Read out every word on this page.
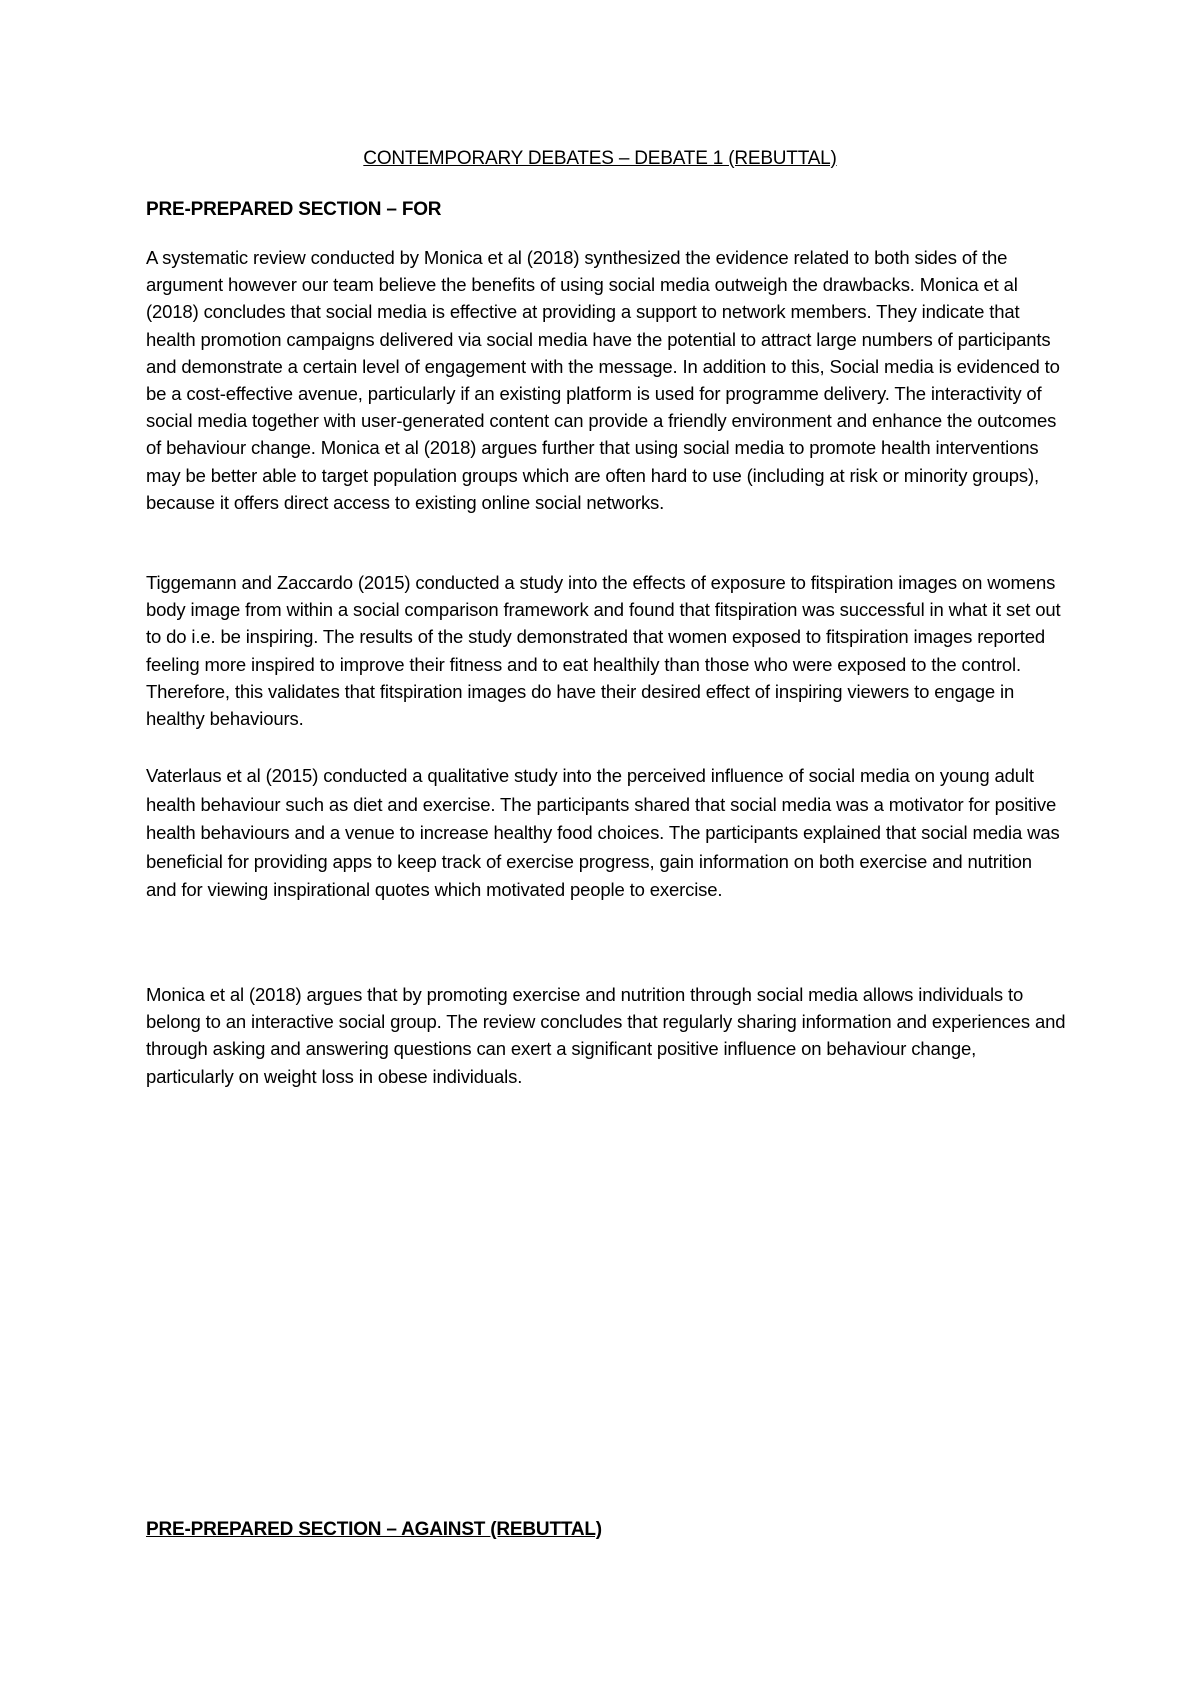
CONTEMPORARY DEBATES – DEBATE 1 (REBUTTAL)
PRE-PREPARED SECTION – FOR

A systematic review conducted by Monica et al (2018) synthesized the evidence related to both sides of the argument however our team believe the benefits of using social media outweigh the drawbacks. Monica et al (2018) concludes that social media is effective at providing a support to network members. They indicate that health promotion campaigns delivered via social media have the potential to attract large numbers of participants and demonstrate a certain level of engagement with the message. In addition to this, Social media is evidenced to be a cost-effective avenue, particularly if an existing platform is used for programme delivery. The interactivity of social media together with user-generated content can provide a friendly environment and enhance the outcomes of behaviour change. Monica et al (2018) argues further that using social media to promote health interventions may be better able to target population groups which are often hard to use (including at risk or minority groups), because it offers direct access to existing online social networks.

Tiggemann and Zaccardo (2015) conducted a study into the effects of exposure to fitspiration images on womens body image from within a social comparison framework and found that fitspiration was successful in what it set out to do i.e. be inspiring. The results of the study demonstrated that women exposed to fitspiration images reported feeling more inspired to improve their fitness and to eat healthily than those who were exposed to the control. Therefore, this validates that fitspiration images do have their desired effect of inspiring viewers to engage in healthy behaviours.

Vaterlaus et al (2015) conducted a qualitative study into the perceived influence of social media on young adult health behaviour such as diet and exercise. The participants shared that social media was a motivator for positive health behaviours and a venue to increase healthy food choices. The participants explained that social media was beneficial for providing apps to keep track of exercise progress, gain information on both exercise and nutrition and for viewing inspirational quotes which motivated people to exercise.

Monica et al (2018) argues that by promoting exercise and nutrition through social media allows individuals to belong to an interactive social group. The review concludes that regularly sharing information and experiences and through asking and answering questions can exert a significant positive influence on behaviour change, particularly on weight loss in obese individuals.

PRE-PREPARED SECTION – AGAINST (REBUTTAL)
